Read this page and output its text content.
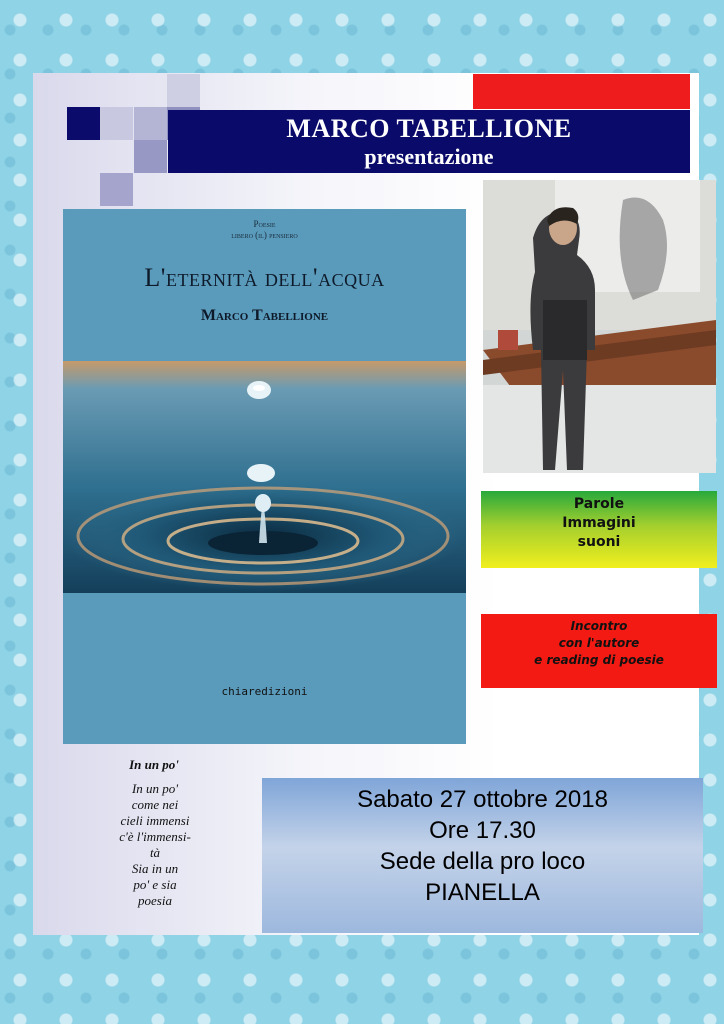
MARCO TABELLIONE
presentazione
Poesie
libero (il) pensiero
L'eternità dell'acqua
Marco Tabellione
chiaredizioni
Parole
Immagini
suoni
Incontro
con l'autore
e reading di poesie
In un po'
In un po'
come nei
cieli immensi
c'è l'immensi-
tà
Sia in un
po' e sia
poesia
Sabato 27 ottobre 2018
Ore 17.30
Sede della pro loco
PIANELLA
